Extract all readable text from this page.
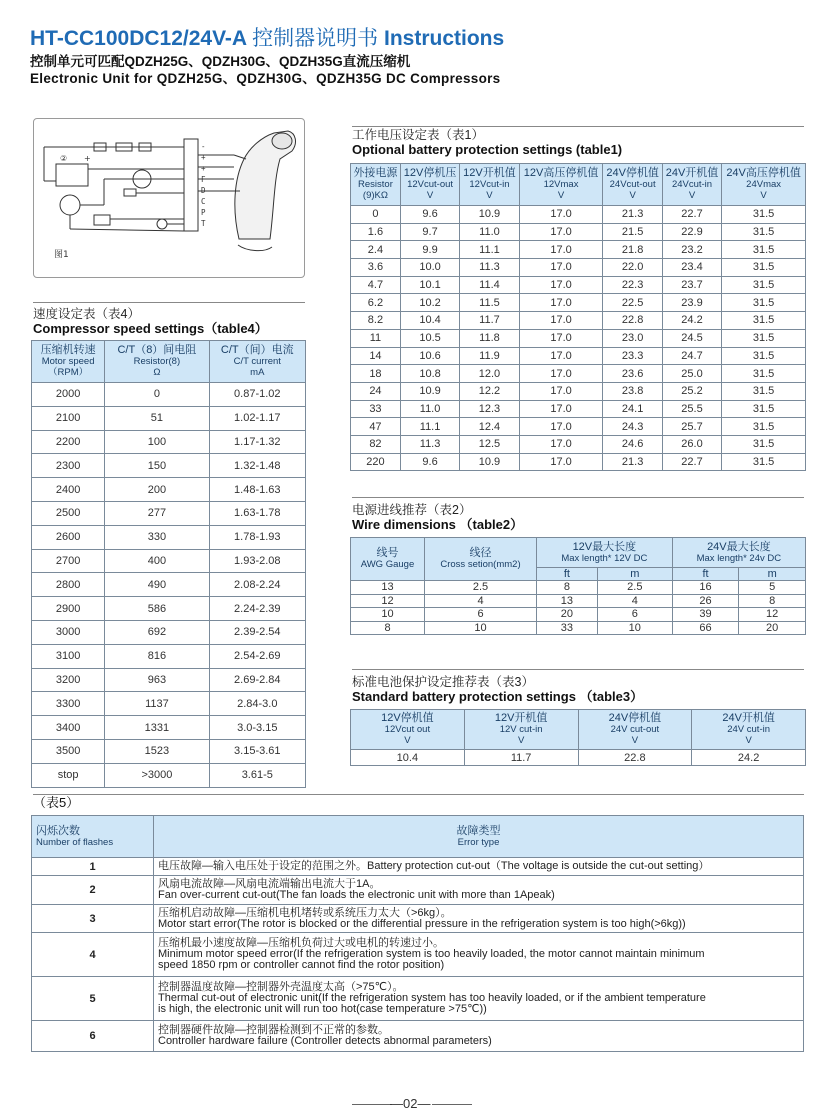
HT-CC100DC12/24V-A 控制器说明书 Instructions
控制单元可匹配QDZH25G、QDZH30G、QDZH35G直流压缩机
Electronic Unit for QDZH25G、QDZH30G、QDZH35G DC Compressors
② +
-
+
+
F
D
C
P
T
图1
工作电压设定表（表1）
Optional battery protection settings (table1)
外接电源
Resistor
(9)KΩ	12V停机压
12Vcut-out
V	12V开机值
12Vcut-in
V	12V高压停机值
12Vmax
V	24V停机值
24Vcut-out
V	24V开机值
24Vcut-in
V	24V高压停机值
24Vmax
V

0	9.6	10.9	17.0	21.3	22.7	31.5
1.6	9.7	11.0	17.0	21.5	22.9	31.5
2.4	9.9	11.1	17.0	21.8	23.2	31.5
3.6	10.0	11.3	17.0	22.0	23.4	31.5
4.7	10.1	11.4	17.0	22.3	23.7	31.5
6.2	10.2	11.5	17.0	22.5	23.9	31.5
8.2	10.4	11.7	17.0	22.8	24.2	31.5
11	10.5	11.8	17.0	23.0	24.5	31.5
14	10.6	11.9	17.0	23.3	24.7	31.5
18	10.8	12.0	17.0	23.6	25.0	31.5
24	10.9	12.2	17.0	23.8	25.2	31.5
33	11.0	12.3	17.0	24.1	25.5	31.5
47	11.1	12.4	17.0	24.3	25.7	31.5
82	11.3	12.5	17.0	24.6	26.0	31.5
220	9.6	10.9	17.0	21.3	22.7	31.5
速度设定表（表4）
Compressor speed settings（table4）
压缩机转速
Motor speed
（RPM）	C/T（8）间电阻
Resistor(8)
Ω	C/T（间）电流
C/T current
mA

2000	0	0.87-1.02
2100	51	1.02-1.17
2200	100	1.17-1.32
2300	150	1.32-1.48
2400	200	1.48-1.63
2500	277	1.63-1.78
2600	330	1.78-1.93
2700	400	1.93-2.08
2800	490	2.08-2.24
2900	586	2.24-2.39
3000	692	2.39-2.54
3100	816	2.54-2.69
3200	963	2.69-2.84
3300	1137	2.84-3.0
3400	1331	3.0-3.15
3500	1523	3.15-3.61
stop	>3000	3.61-5
电源进线推荐（表2）
Wire dimensions （table2）
线号
AWG Gauge	线径
Cross setion(mm2)	12V最大长度
Max length* 12V DC		24V最大长度
Max length* 24v DC	

		ft	m	ft	m
13	2.5	8	2.5	16	5
12	4	13	4	26	8
10	6	20	6	39	12
8	10	33	10	66	20
标准电池保护设定推荐表（表3）
Standard battery protection settings （table3）
12V停机值
12Vcut out
V	12V开机值
12V cut-in
V	24V停机值
24V cut-out
V	24V开机值
24V cut-in
V

10.4	11.7	22.8	24.2
（表5）
闪烁次数
Number of flashes	故障类型
Error type

1	电压故障—输入电压处于设定的范围之外。Battery protection cut-out（The voltage is outside the cut-out setting）

2	风扇电流故障—风扇电流端输出电流大于1A。
Fan over-current cut-out(The fan loads the electronic unit with more than 1Apeak)

3	压缩机启动故障—压缩机电机堵转或系统压力太大（>6kg）。
Motor start error(The rotor is blocked or the differential pressure in the refrigeration system is too high(>6kg))

4	压缩机最小速度故障—压缩机负荷过大或电机的转速过小。
Minimum motor speed error(If the refrigeration system is too heavily loaded, the motor cannot maintain minimum
speed 1850 rpm or controller cannot find the rotor position)

5	控制器温度故障—控制器外壳温度太高（>75℃）。
Thermal cut-out of electronic unit(If the refrigeration system has too heavily loaded, or if the ambient temperature
is high, the electronic unit will run too hot(case temperature >75℃))

6	控制器硬件故障—控制器检测到不正常的参数。
Controller hardware failure (Controller detects abnormal parameters)
—02—
